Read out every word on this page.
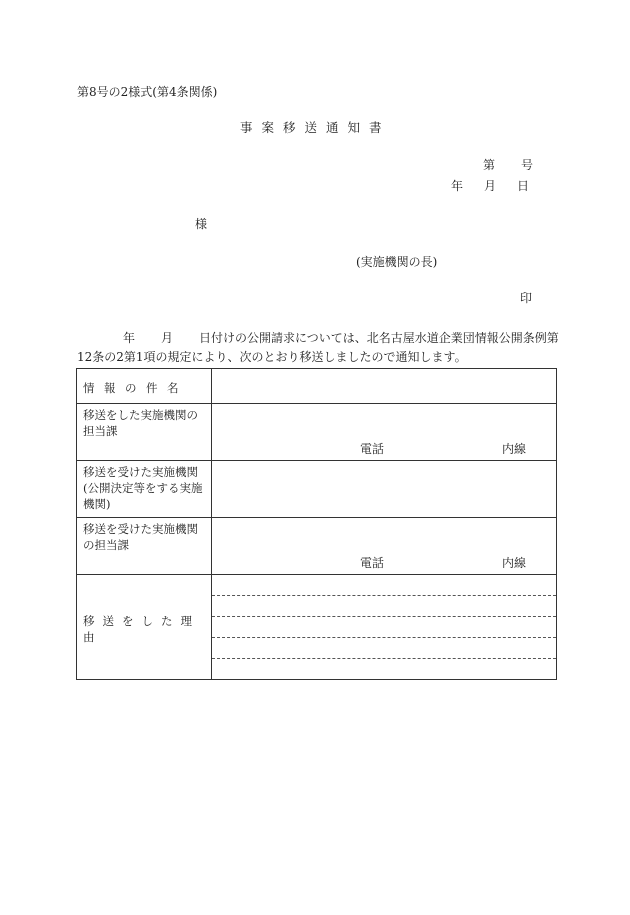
第8号の2様式(第4条関係)
事案移送通知書
第 号
年 月 日
様
(実施機関の長)
印
年 月 日付けの公開請求については、北名古屋水道企業団情報公開条例第
12条の2第1項の規定により、次のとおり移送しましたので通知します。
情報の件名	
移送をした実施機関の担当課	電話 内線

移送を受けた実施機関(公開決定等をする実施機関)	
移送を受けた実施機関の担当課	電話 内線

移送をした理由	
